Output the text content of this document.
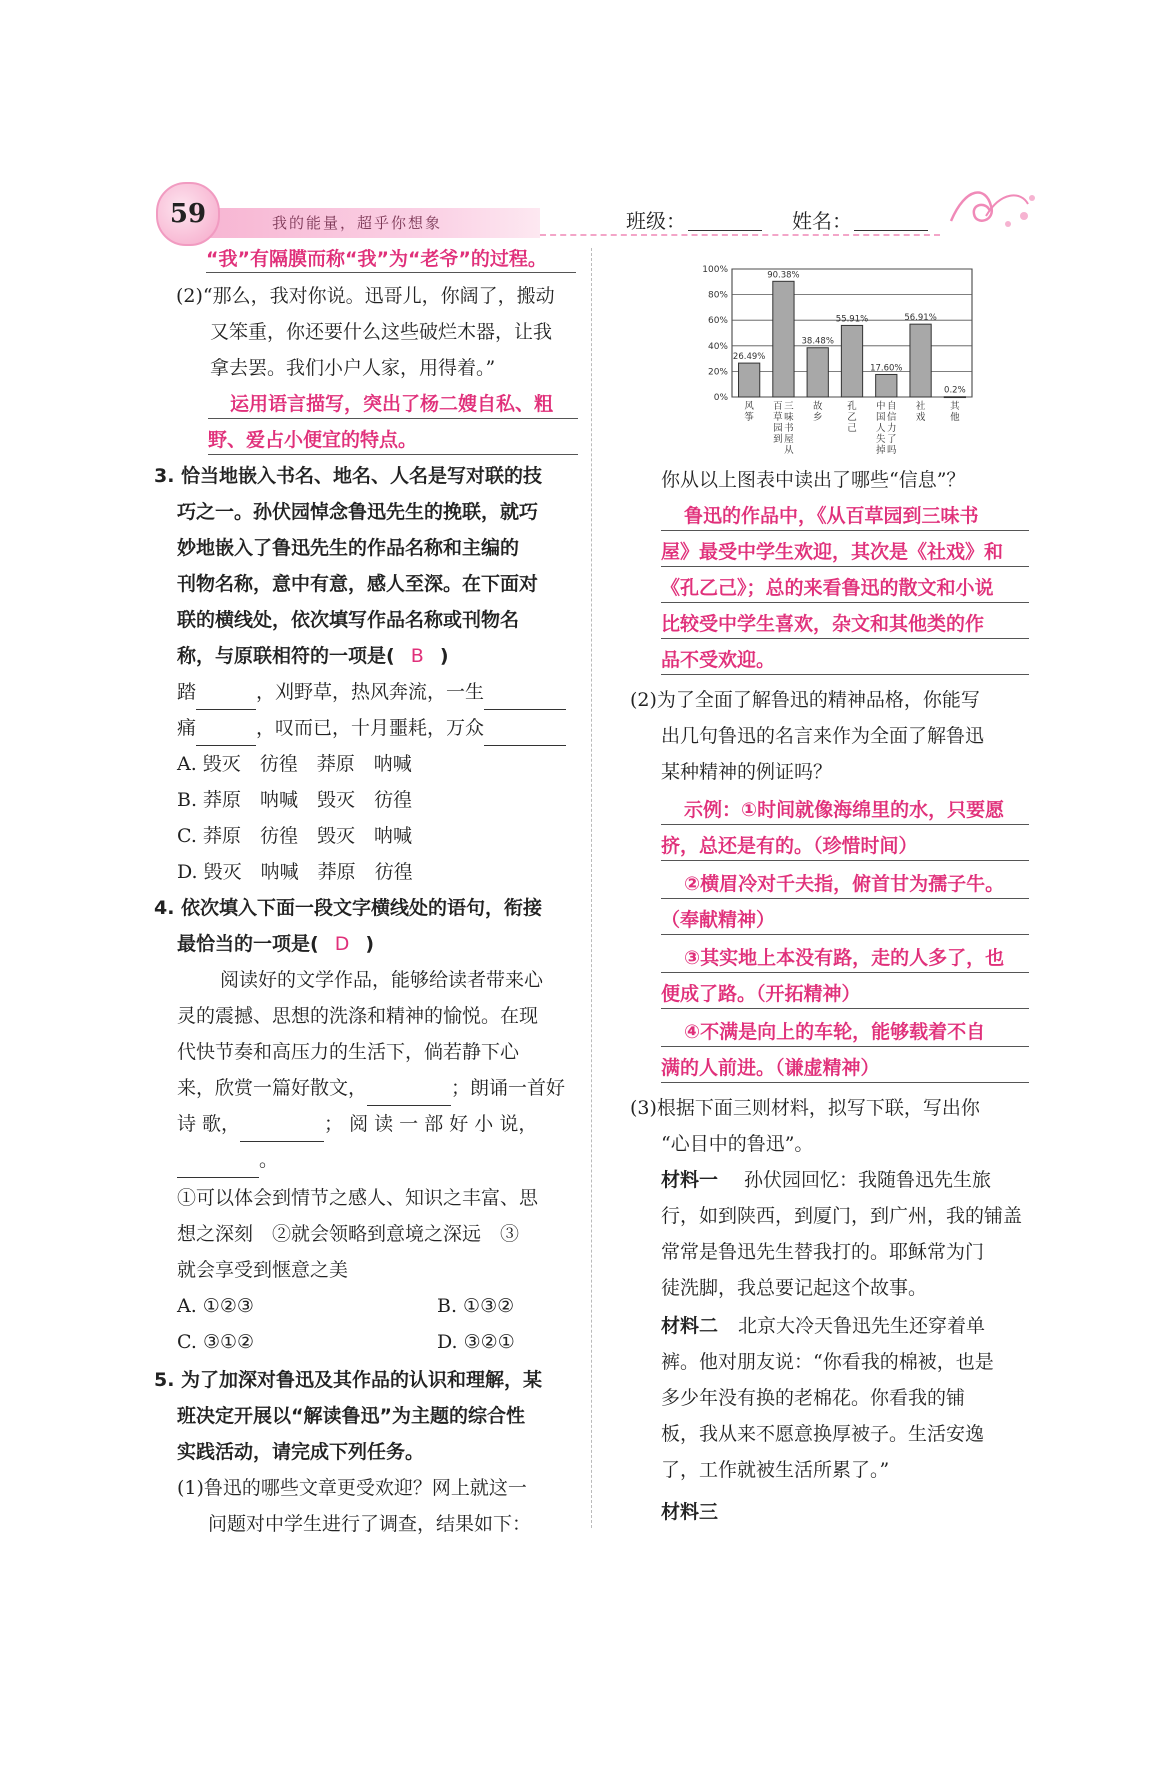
59	我的能量，超乎你想象	班级：	姓名：
“我”有隔膜而称“我”为“老爷”的过程。
(2)“那么，我对你说。迅哥儿，你阔了，搬动
又笨重，你还要什么这些破烂木器，让我
拿去罢。我们小户人家，用得着。”
运用语言描写，突出了杨二嫂自私、粗
野、爱占小便宜的特点。
3. 恰当地嵌入书名、地名、人名是写对联的技
巧之一。孙伏园悼念鲁迅先生的挽联，就巧
妙地嵌入了鲁迅先生的作品名称和主编的
刊物名称，意中有意，感人至深。在下面对
联的横线处，依次填写作品名称或刊物名
称，与原联相符的一项是( B )
踏	，刈野草，热风奔流，一生
痛	，叹而已，十月噩耗，万众
A. 毁灭　彷徨　莽原　呐喊
B. 莽原　呐喊　毁灭　彷徨
C. 莽原　彷徨　毁灭　呐喊
D. 毁灭　呐喊　莽原　彷徨
4. 依次填入下面一段文字横线处的语句，衔接
最恰当的一项是( D )
阅读好的文学作品，能够给读者带来心
灵的震撼、思想的洗涤和精神的愉悦。在现
代快节奏和高压力的生活下，倘若静下心
来，欣赏一篇好散文，	；朗诵一首好
诗 歌，	； 阅 读 一 部 好 小 说，
。
①可以体会到情节之感人、知识之丰富、思
想之深刻　②就会领略到意境之深远　③
就会享受到惬意之美
A. ①②③	B. ①③②
C. ③①②	D. ③②①
5. 为了加深对鲁迅及其作品的认识和理解，某
班决定开展以“解读鲁迅”为主题的综合性
实践活动，请完成下列任务。
(1)鲁迅的哪些文章更受欢迎？网上就这一
问题对中学生进行了调查，结果如下：
0%
20%
40%
60%
80%
100%
26.49%
风筝
90.38%
三味书屋从百草园到
38.48%
故乡
55.91%
孔乙己
17.60%
自信力了吗中国人失掉
56.91%
社戏
0.2%
其他
你从以上图表中读出了哪些“信息”？
鲁迅的作品中，《从百草园到三味书
屋》最受中学生欢迎，其次是《社戏》和
《孔乙己》；总的来看鲁迅的散文和小说
比较受中学生喜欢，杂文和其他类的作
品不受欢迎。
(2)为了全面了解鲁迅的精神品格，你能写
出几句鲁迅的名言来作为全面了解鲁迅
某种精神的例证吗？
示例：①时间就像海绵里的水，只要愿
挤，总还是有的。（珍惜时间）
②横眉冷对千夫指，俯首甘为孺子牛。
（奉献精神）
③其实地上本没有路，走的人多了，也
便成了路。（开拓精神）
④不满是向上的车轮，能够载着不自
满的人前进。（谦虚精神）
(3)根据下面三则材料，拟写下联，写出你
“心目中的鲁迅”。
材料一 孙伏园回忆：我随鲁迅先生旅
行，如到陕西，到厦门，到广州，我的铺盖
常常是鲁迅先生替我打的。耶稣常为门
徒洗脚，我总要记起这个故事。
材料二 北京大冷天鲁迅先生还穿着单
裤。他对朋友说：“你看我的棉被，也是
多少年没有换的老棉花。你看我的铺
板，我从来不愿意换厚被子。生活安逸
了，工作就被生活所累了。”
材料三
